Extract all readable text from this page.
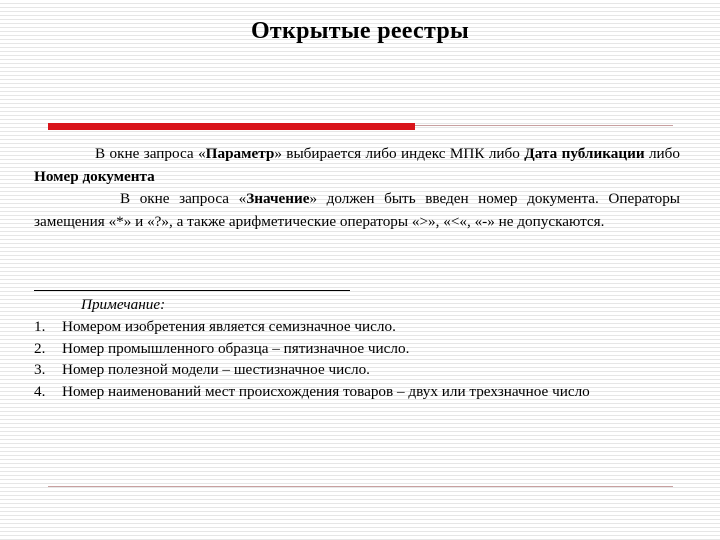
Открытые реестры

В окне запроса «Параметр» выбирается либо индекс МПК либо Дата публикации либо Номер документа

В окне запроса «Значение» должен быть введен номер документа. Операторы замещения «*» и «?», а также арифметические операторы «>», «<«, «-» не допускаются.

Примечание:
1. Номером изобретения является семизначное число.
2. Номер промышленного образца – пятизначное число.
3. Номер полезной модели – шестизначное число.
4. Номер наименований мест происхождения товаров – двух или трехзначное число
